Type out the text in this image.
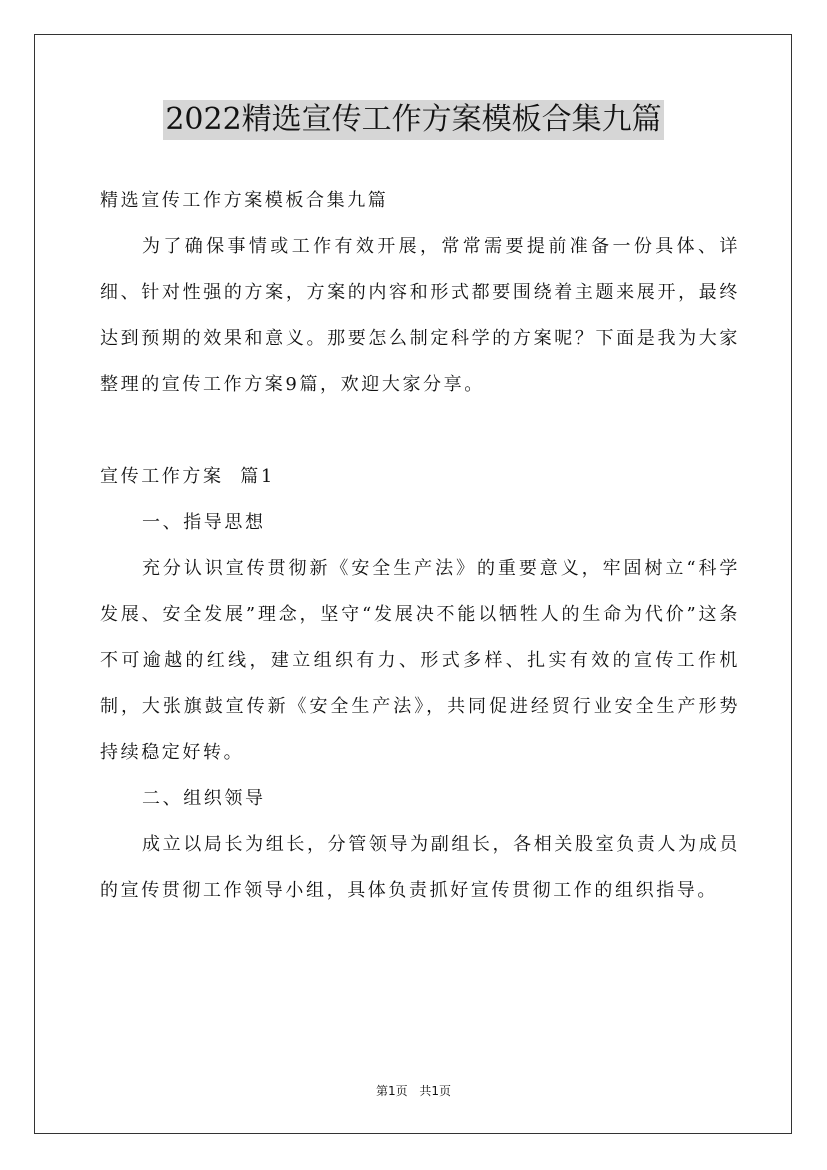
2022精选宣传工作方案模板合集九篇
精选宣传工作方案模板合集九篇

为了确保事情或工作有效开展，常常需要提前准备一份具体、详细、针对性强的方案，方案的内容和形式都要围绕着主题来展开，最终达到预期的效果和意义。那要怎么制定科学的方案呢？下面是我为大家整理的宣传工作方案9篇，欢迎大家分享。

宣传工作方案  篇1
一、指导思想

充分认识宣传贯彻新《安全生产法》的重要意义，牢固树立“科学发展、安全发展”理念，坚守“发展决不能以牺牲人的生命为代价”这条不可逾越的红线，建立组织有力、形式多样、扎实有效的宣传工作机制，大张旗鼓宣传新《安全生产法》，共同促进经贸行业安全生产形势持续稳定好转。

二、组织领导

成立以局长为组长，分管领导为副组长，各相关股室负责人为成员的宣传贯彻工作领导小组，具体负责抓好宣传贯彻工作的组织指导。

第1页 共1页
